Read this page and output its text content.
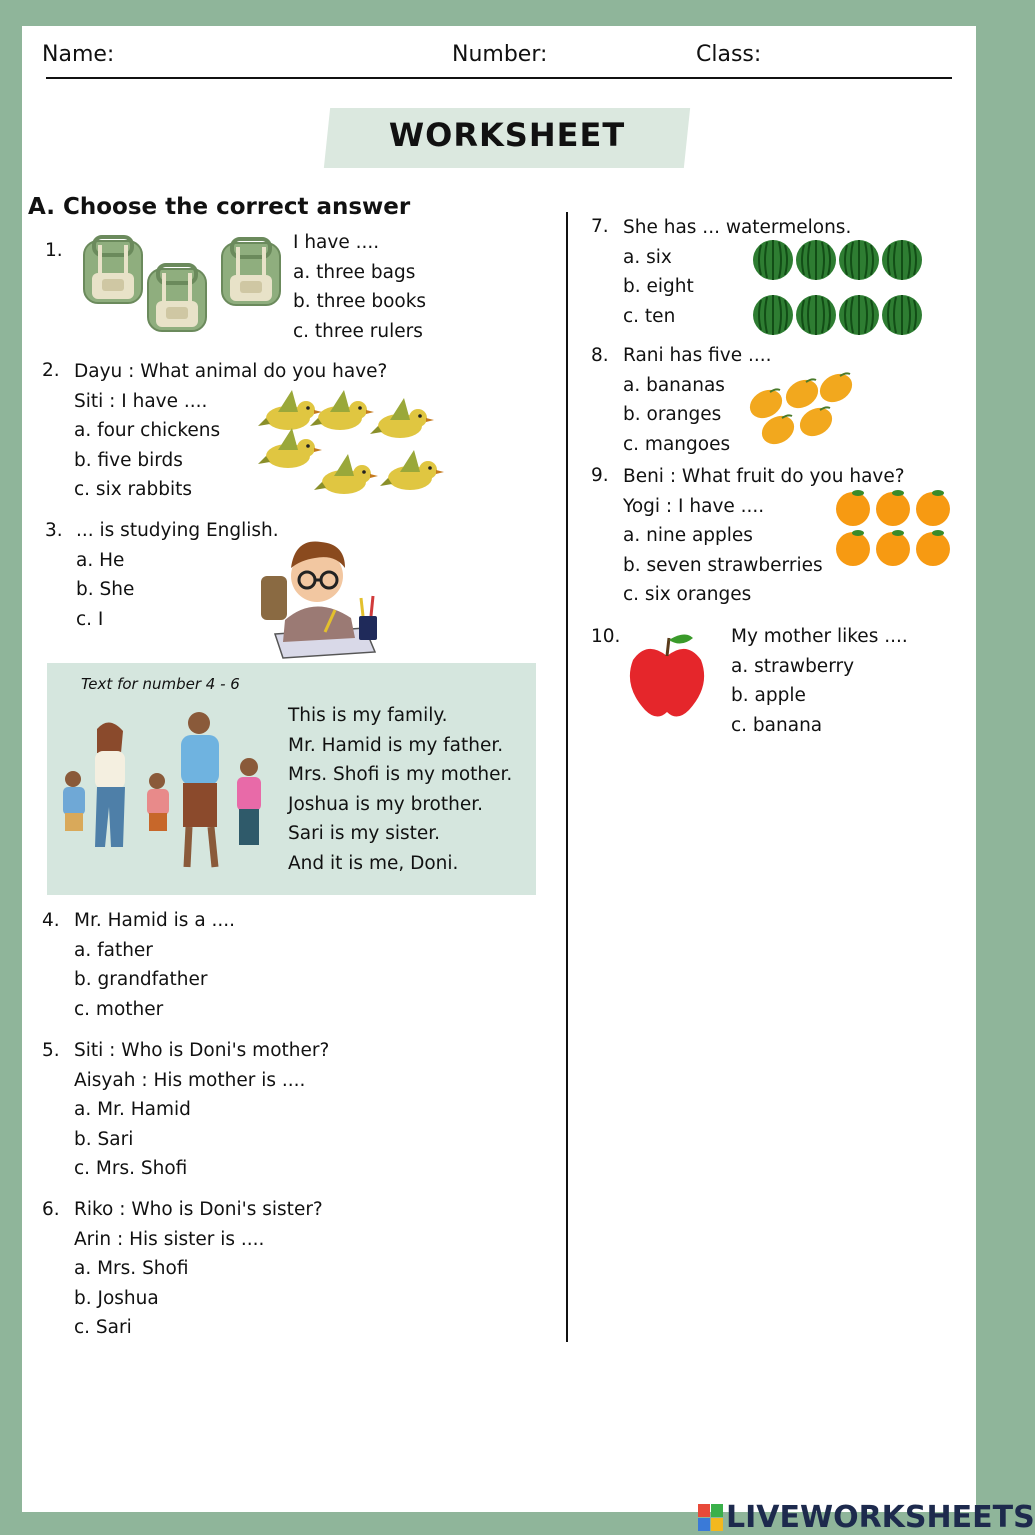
Name:	Number:	Class:
WORKSHEET
A. Choose the correct answer
1.	I have ....
a. three bags
b. three books
c. three rulers
2. Dayu : What animal do you have?
Siti : I have ....
a. four chickens
b. five birds
c. six rabbits
3. ... is studying English.
a. He
b. She
c. I
Text for number 4 - 6
This is my family.
Mr. Hamid is my father.
Mrs. Shofi is my mother.
Joshua is my brother.
Sari is my sister.
And it is me, Doni.
4. Mr. Hamid is a ....
a. father
b. grandfather
c. mother
5. Siti : Who is Doni's mother?
Aisyah : His mother is ....
a. Mr. Hamid
b. Sari
c. Mrs. Shofi
6. Riko : Who is Doni's sister?
Arin : His sister is ....
a. Mrs. Shofi
b. Joshua
c. Sari
7. She has ... watermelons.
a. six
b. eight
c. ten
8. Rani has five ....
a. bananas
b. oranges
c. mangoes
9. Beni : What fruit do you have?
Yogi : I have ....
a. nine apples
b. seven strawberries
c. six oranges
10.	My mother likes ....
a. strawberry
b. apple
c. banana
LIVEWORKSHEETS
